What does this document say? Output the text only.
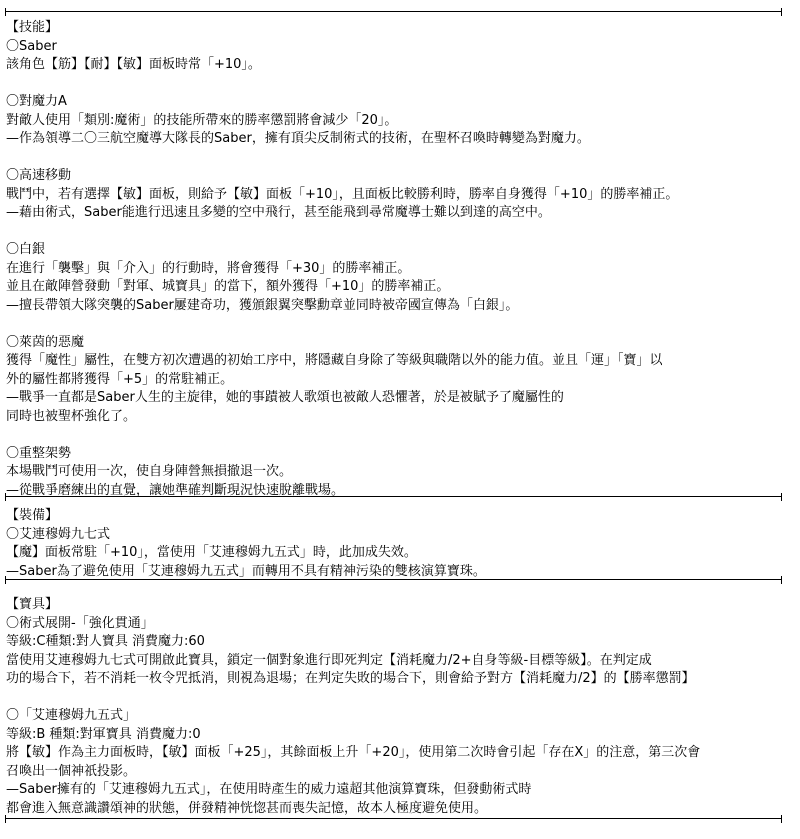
【技能】
〇Saber
該角色【筋】【耐】【敏】面板時常「+10」。
〇對魔力A
對敵人使用「類別:魔術」的技能所帶來的勝率懲罰將會減少「20」。
—作為領導二〇三航空魔導大隊長的Saber，擁有頂尖反制術式的技術，在聖杯召喚時轉變為對魔力。
〇高速移動
戰鬥中，若有選擇【敏】面板，則給予【敏】面板「+10」，且面板比較勝利時，勝率自身獲得「+10」的勝率補正。
—藉由術式，Saber能進行迅速且多變的空中飛行，甚至能飛到尋常魔導士難以到達的高空中。
〇白銀
在進行「襲擊」與「介入」的行動時，將會獲得「+30」的勝率補正。
並且在敵陣營發動「對軍、城寶具」的當下，額外獲得「+10」的勝率補正。
—擅長帶領大隊突襲的Saber屢建奇功，獲頒銀翼突擊勳章並同時被帝國宣傳為「白銀」。
〇萊茵的惡魔
獲得「魔性」屬性，在雙方初次遭遇的初始工序中，將隱藏自身除了等級與職階以外的能力值。並且「運」「寶」以
外的屬性都將獲得「+5」的常駐補正。
—戰爭一直都是Saber人生的主旋律，她的事蹟被人歌頌也被敵人恐懼著，於是被賦予了魔屬性的
同時也被聖杯強化了。
〇重整架勢
本場戰鬥可使用一次，使自身陣營無損撤退一次。
—從戰爭磨練出的直覺，讓她準確判斷現況快速脫離戰場。
【裝備】
〇艾連穆姆九七式
【魔】面板常駐「+10」，當使用「艾連穆姆九五式」時，此加成失效。
—Saber為了避免使用「艾連穆姆九五式」而轉用不具有精神污染的雙核演算寶珠。
【寶具】
〇術式展開-「強化貫通」
等級:C種類:對人寶具 消費魔力:60
當使用艾連穆姆九七式可開啟此寶具，鎖定一個對象進行即死判定【消耗魔力/2+自身等級-目標等級】。在判定成
功的場合下，若不消耗一枚令咒抵消，則視為退場；在判定失敗的場合下，則會給予對方【消耗魔力/2】的【勝率懲罰】
〇「艾連穆姆九五式」
等級:B 種類:對軍寶具 消費魔力:0
將【敏】作為主力面板時，【敏】面板「+25」，其餘面板上升「+20」，使用第二次時會引起「存在X」的注意，第三次會
召喚出一個神祇投影。
—Saber擁有的「艾連穆姆九五式」，在使用時產生的威力遠超其他演算寶珠，但發動術式時
都會進入無意識讚頌神的狀態，併發精神恍惚甚而喪失記憶，故本人極度避免使用。
